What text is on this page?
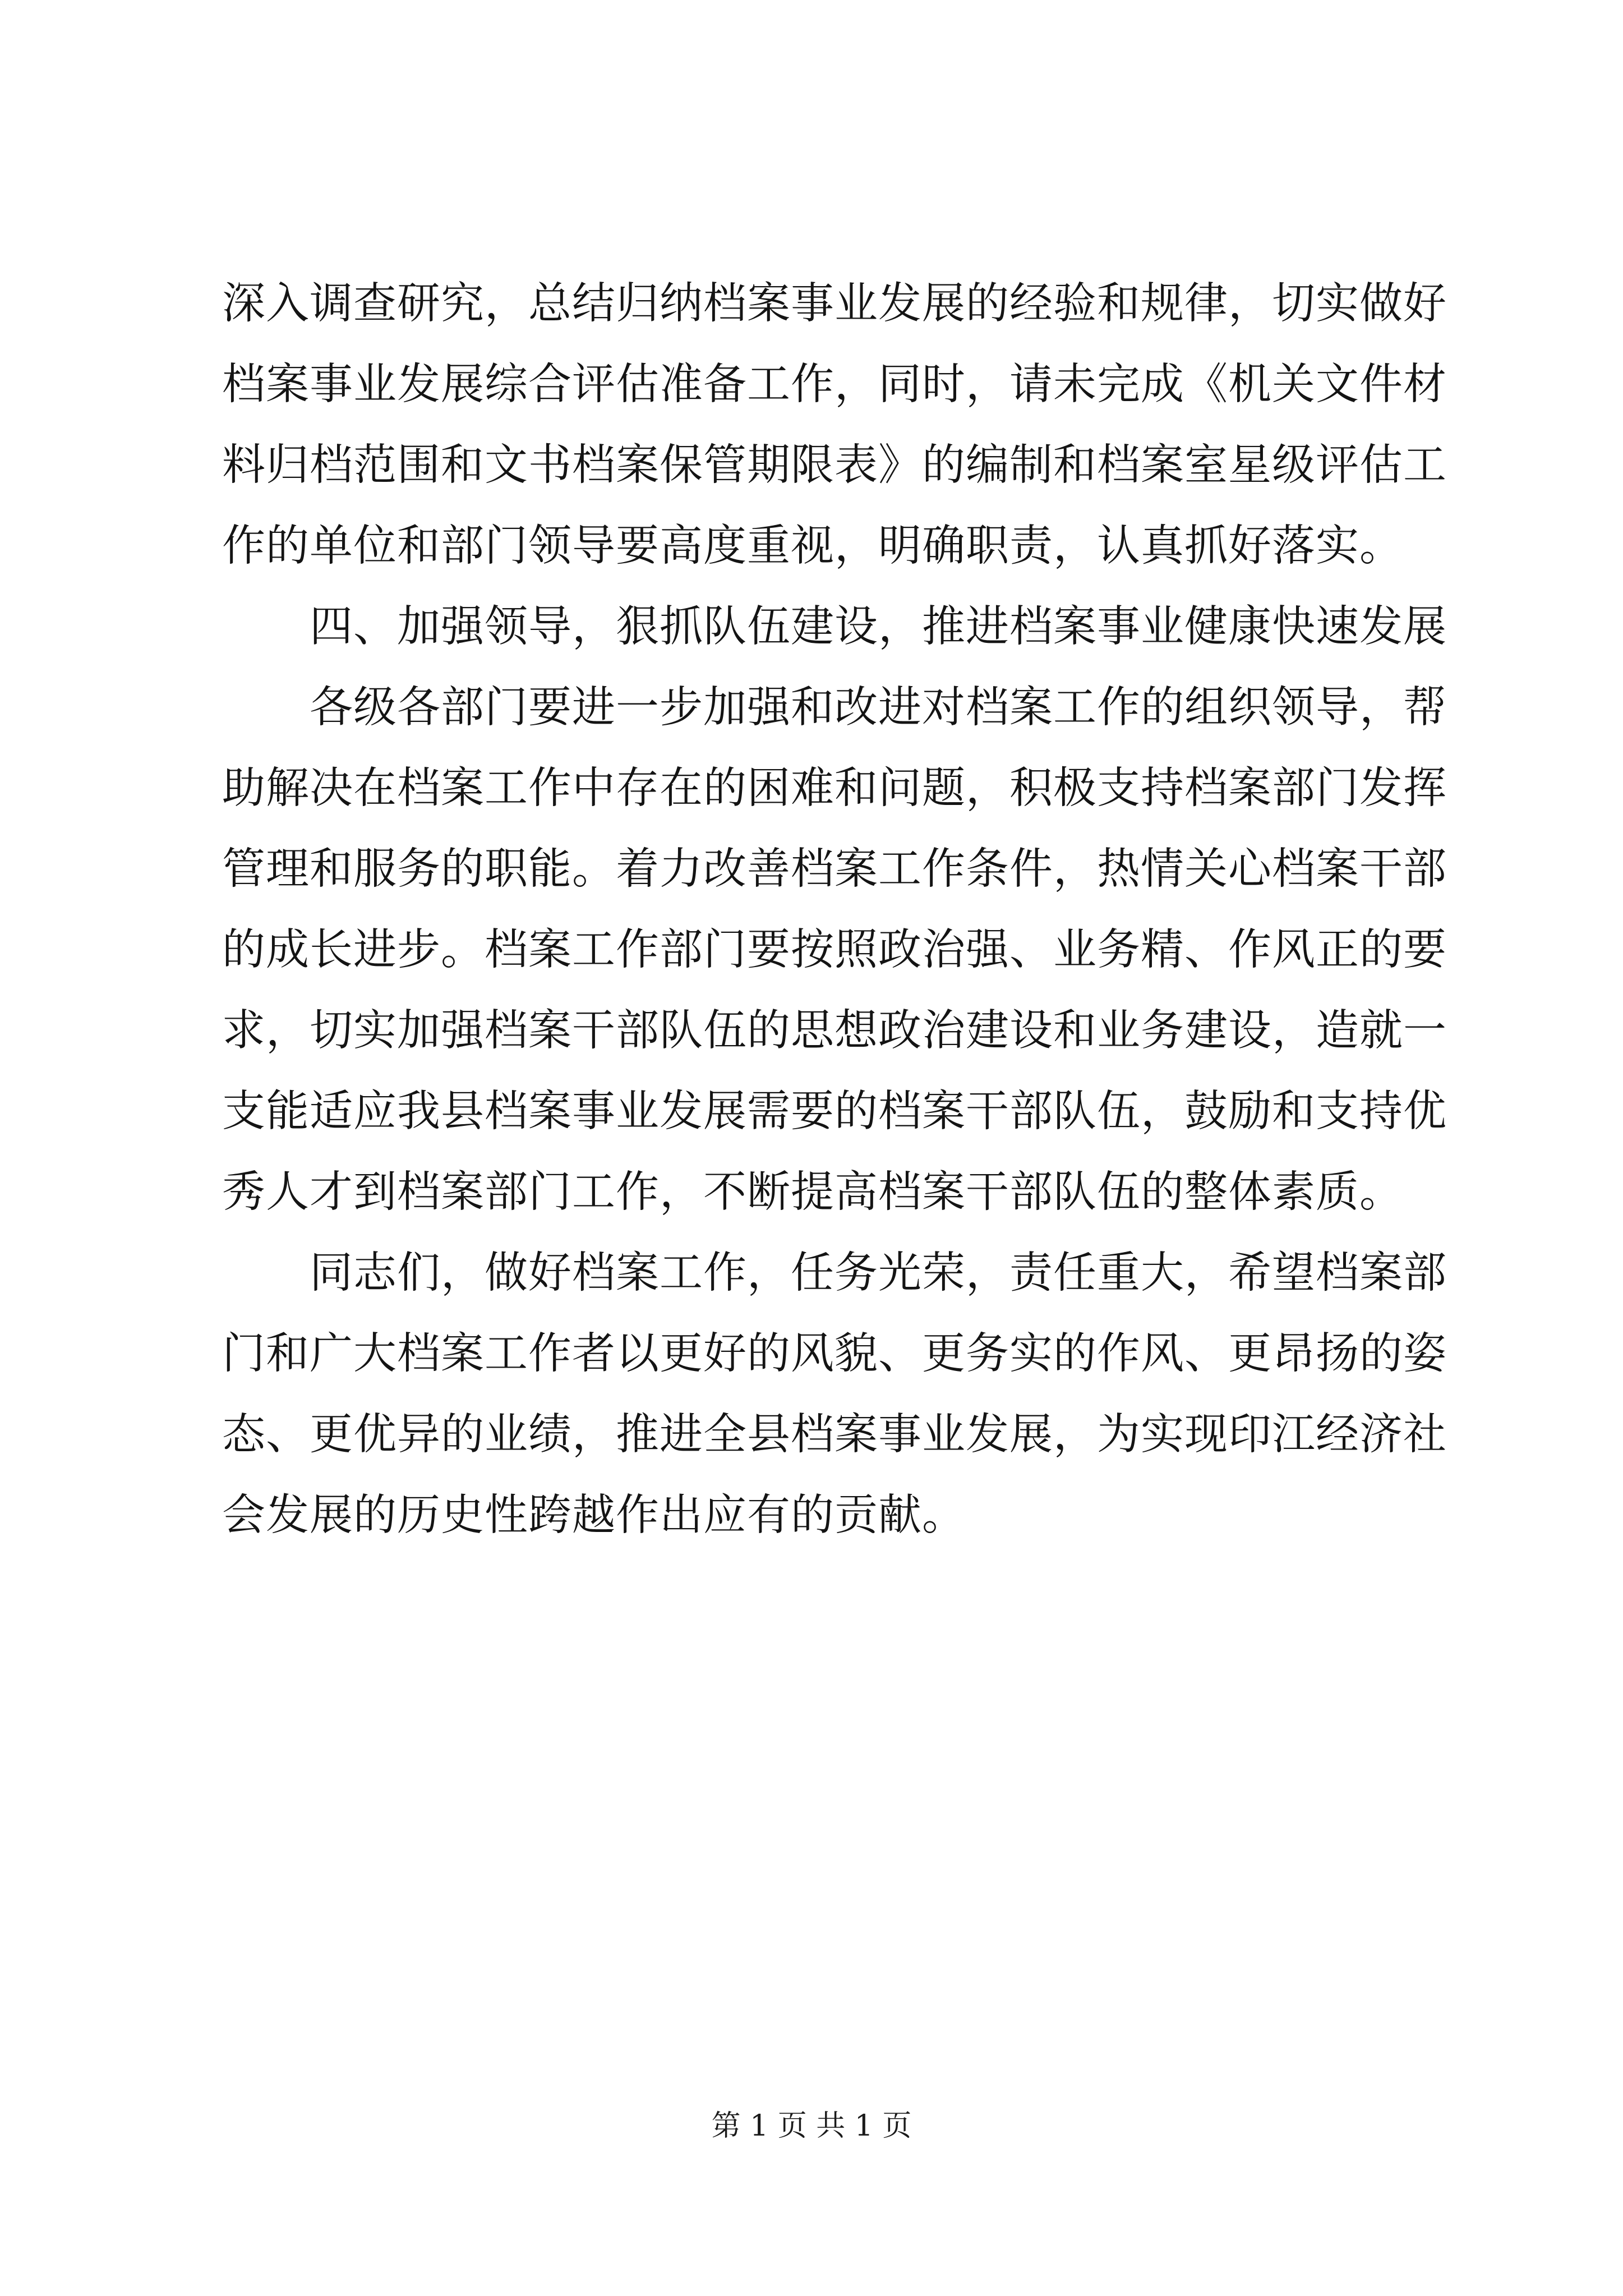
深入调查研究，总结归纳档案事业发展的经验和规律，切实做好
档案事业发展综合评估准备工作，同时，请未完成《机关文件材
料归档范围和文书档案保管期限表》的编制和档案室星级评估工
作的单位和部门领导要高度重视，明确职责，认真抓好落实。
　　四、加强领导，狠抓队伍建设，推进档案事业健康快速发展
　　各级各部门要进一步加强和改进对档案工作的组织领导，帮
助解决在档案工作中存在的困难和问题，积极支持档案部门发挥
管理和服务的职能。着力改善档案工作条件，热情关心档案干部
的成长进步。档案工作部门要按照政治强、业务精、作风正的要
求，切实加强档案干部队伍的思想政治建设和业务建设，造就一
支能适应我县档案事业发展需要的档案干部队伍，鼓励和支持优
秀人才到档案部门工作，不断提高档案干部队伍的整体素质。
　　同志们，做好档案工作，任务光荣，责任重大，希望档案部
门和广大档案工作者以更好的风貌、更务实的作风、更昂扬的姿
态、更优异的业绩，推进全县档案事业发展，为实现印江经济社
会发展的历史性跨越作出应有的贡献。
第 1 页 共 1 页
